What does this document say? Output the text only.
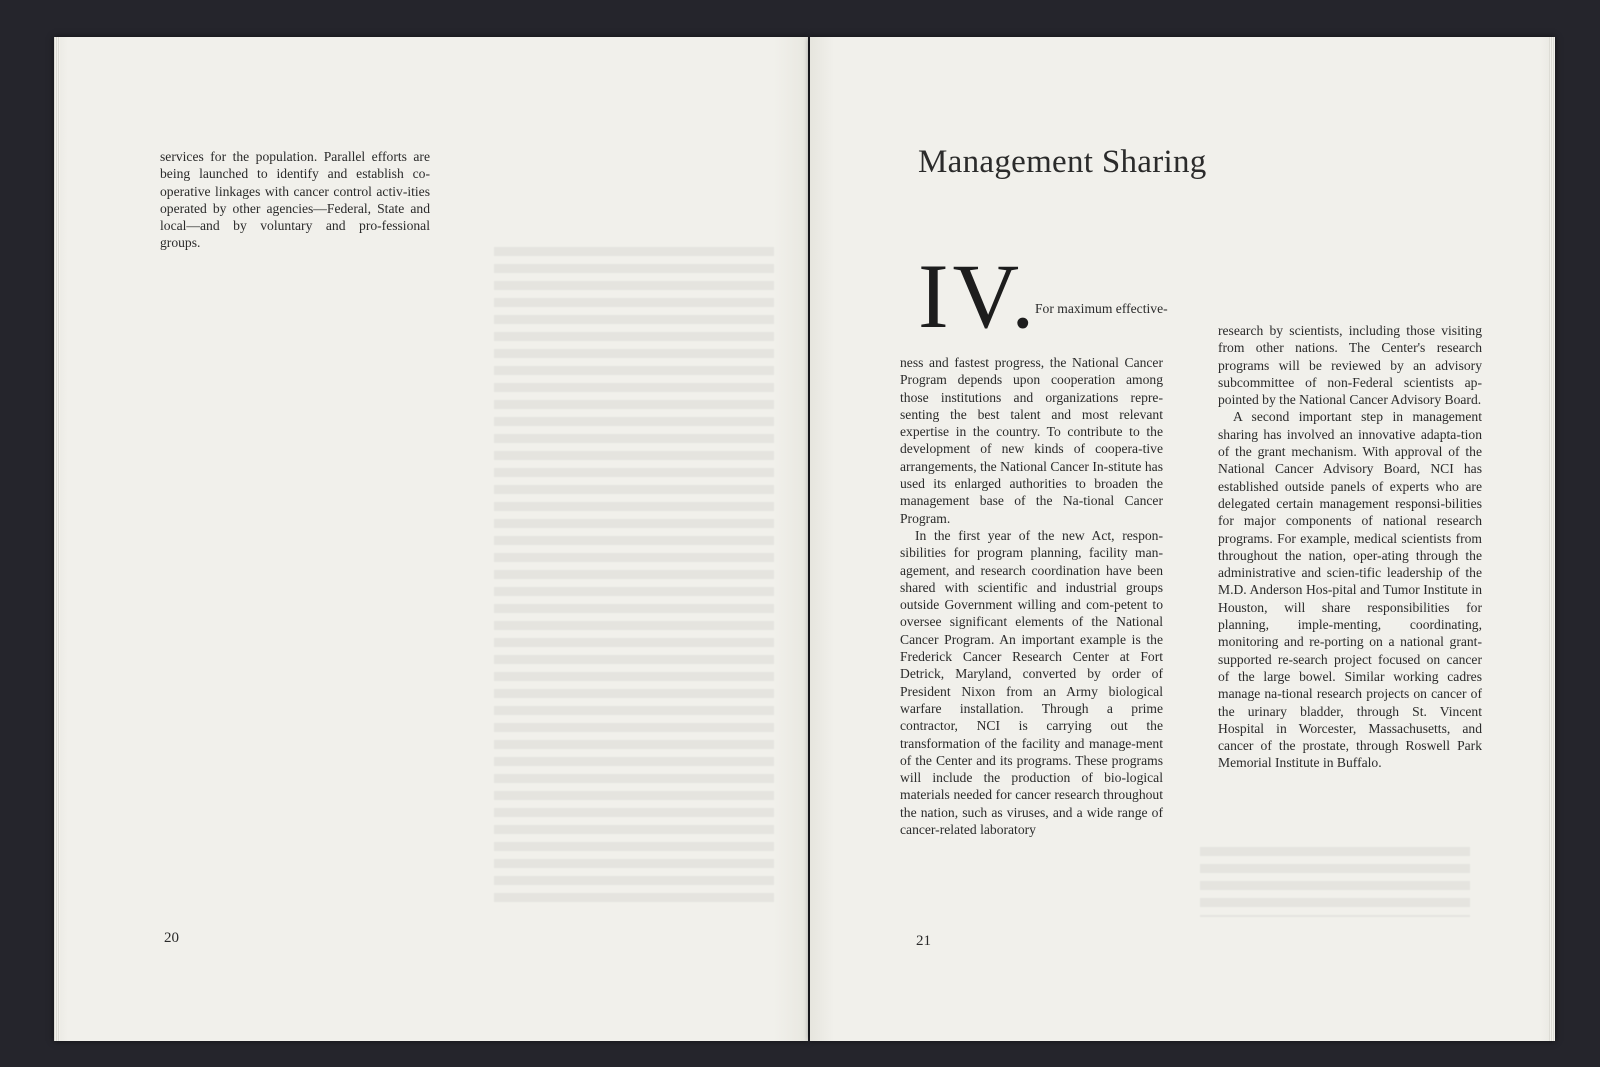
services for the population. Parallel efforts are being launched to identify and establish co-operative linkages with cancer control activ-ities operated by other agencies—Federal, State and local—and by voluntary and pro-fessional groups.

20
Management Sharing

ness and fastest progress, the National Cancer Program depends upon cooperation among those institutions and organizations repre-senting the best talent and most relevant expertise in the country. To contribute to the development of new kinds of coopera-tive arrangements, the National Cancer In-stitute has used its enlarged authorities to broaden the management base of the Na-tional Cancer Program.

In the first year of the new Act, respon-sibilities for program planning, facility man-agement, and research coordination have been shared with scientific and industrial groups outside Government willing and com-petent to oversee significant elements of the National Cancer Program. An important example is the Frederick Cancer Research Center at Fort Detrick, Maryland, converted by order of President Nixon from an Army biological warfare installation. Through a prime contractor, NCI is carrying out the transformation of the facility and manage-ment of the Center and its programs. These programs will include the production of bio-logical materials needed for cancer research throughout the nation, such as viruses, and a wide range of cancer-related laboratory

21
IV.
For maximum effective-

research by scientists, including those visiting from other nations. The Center's research programs will be reviewed by an advisory subcommittee of non-Federal scientists ap-pointed by the National Cancer Advisory Board.

A second important step in management sharing has involved an innovative adapta-tion of the grant mechanism. With approval of the National Cancer Advisory Board, NCI has established outside panels of experts who are delegated certain management responsi-bilities for major components of national research programs. For example, medical scientists from throughout the nation, oper-ating through the administrative and scien-tific leadership of the M.D. Anderson Hos-pital and Tumor Institute in Houston, will share responsibilities for planning, imple-menting, coordinating, monitoring and re-porting on a national grant-supported re-search project focused on cancer of the large bowel. Similar working cadres manage na-tional research projects on cancer of the urinary bladder, through St. Vincent Hospital in Worcester, Massachusetts, and cancer of the prostate, through Roswell Park Memorial Institute in Buffalo.
